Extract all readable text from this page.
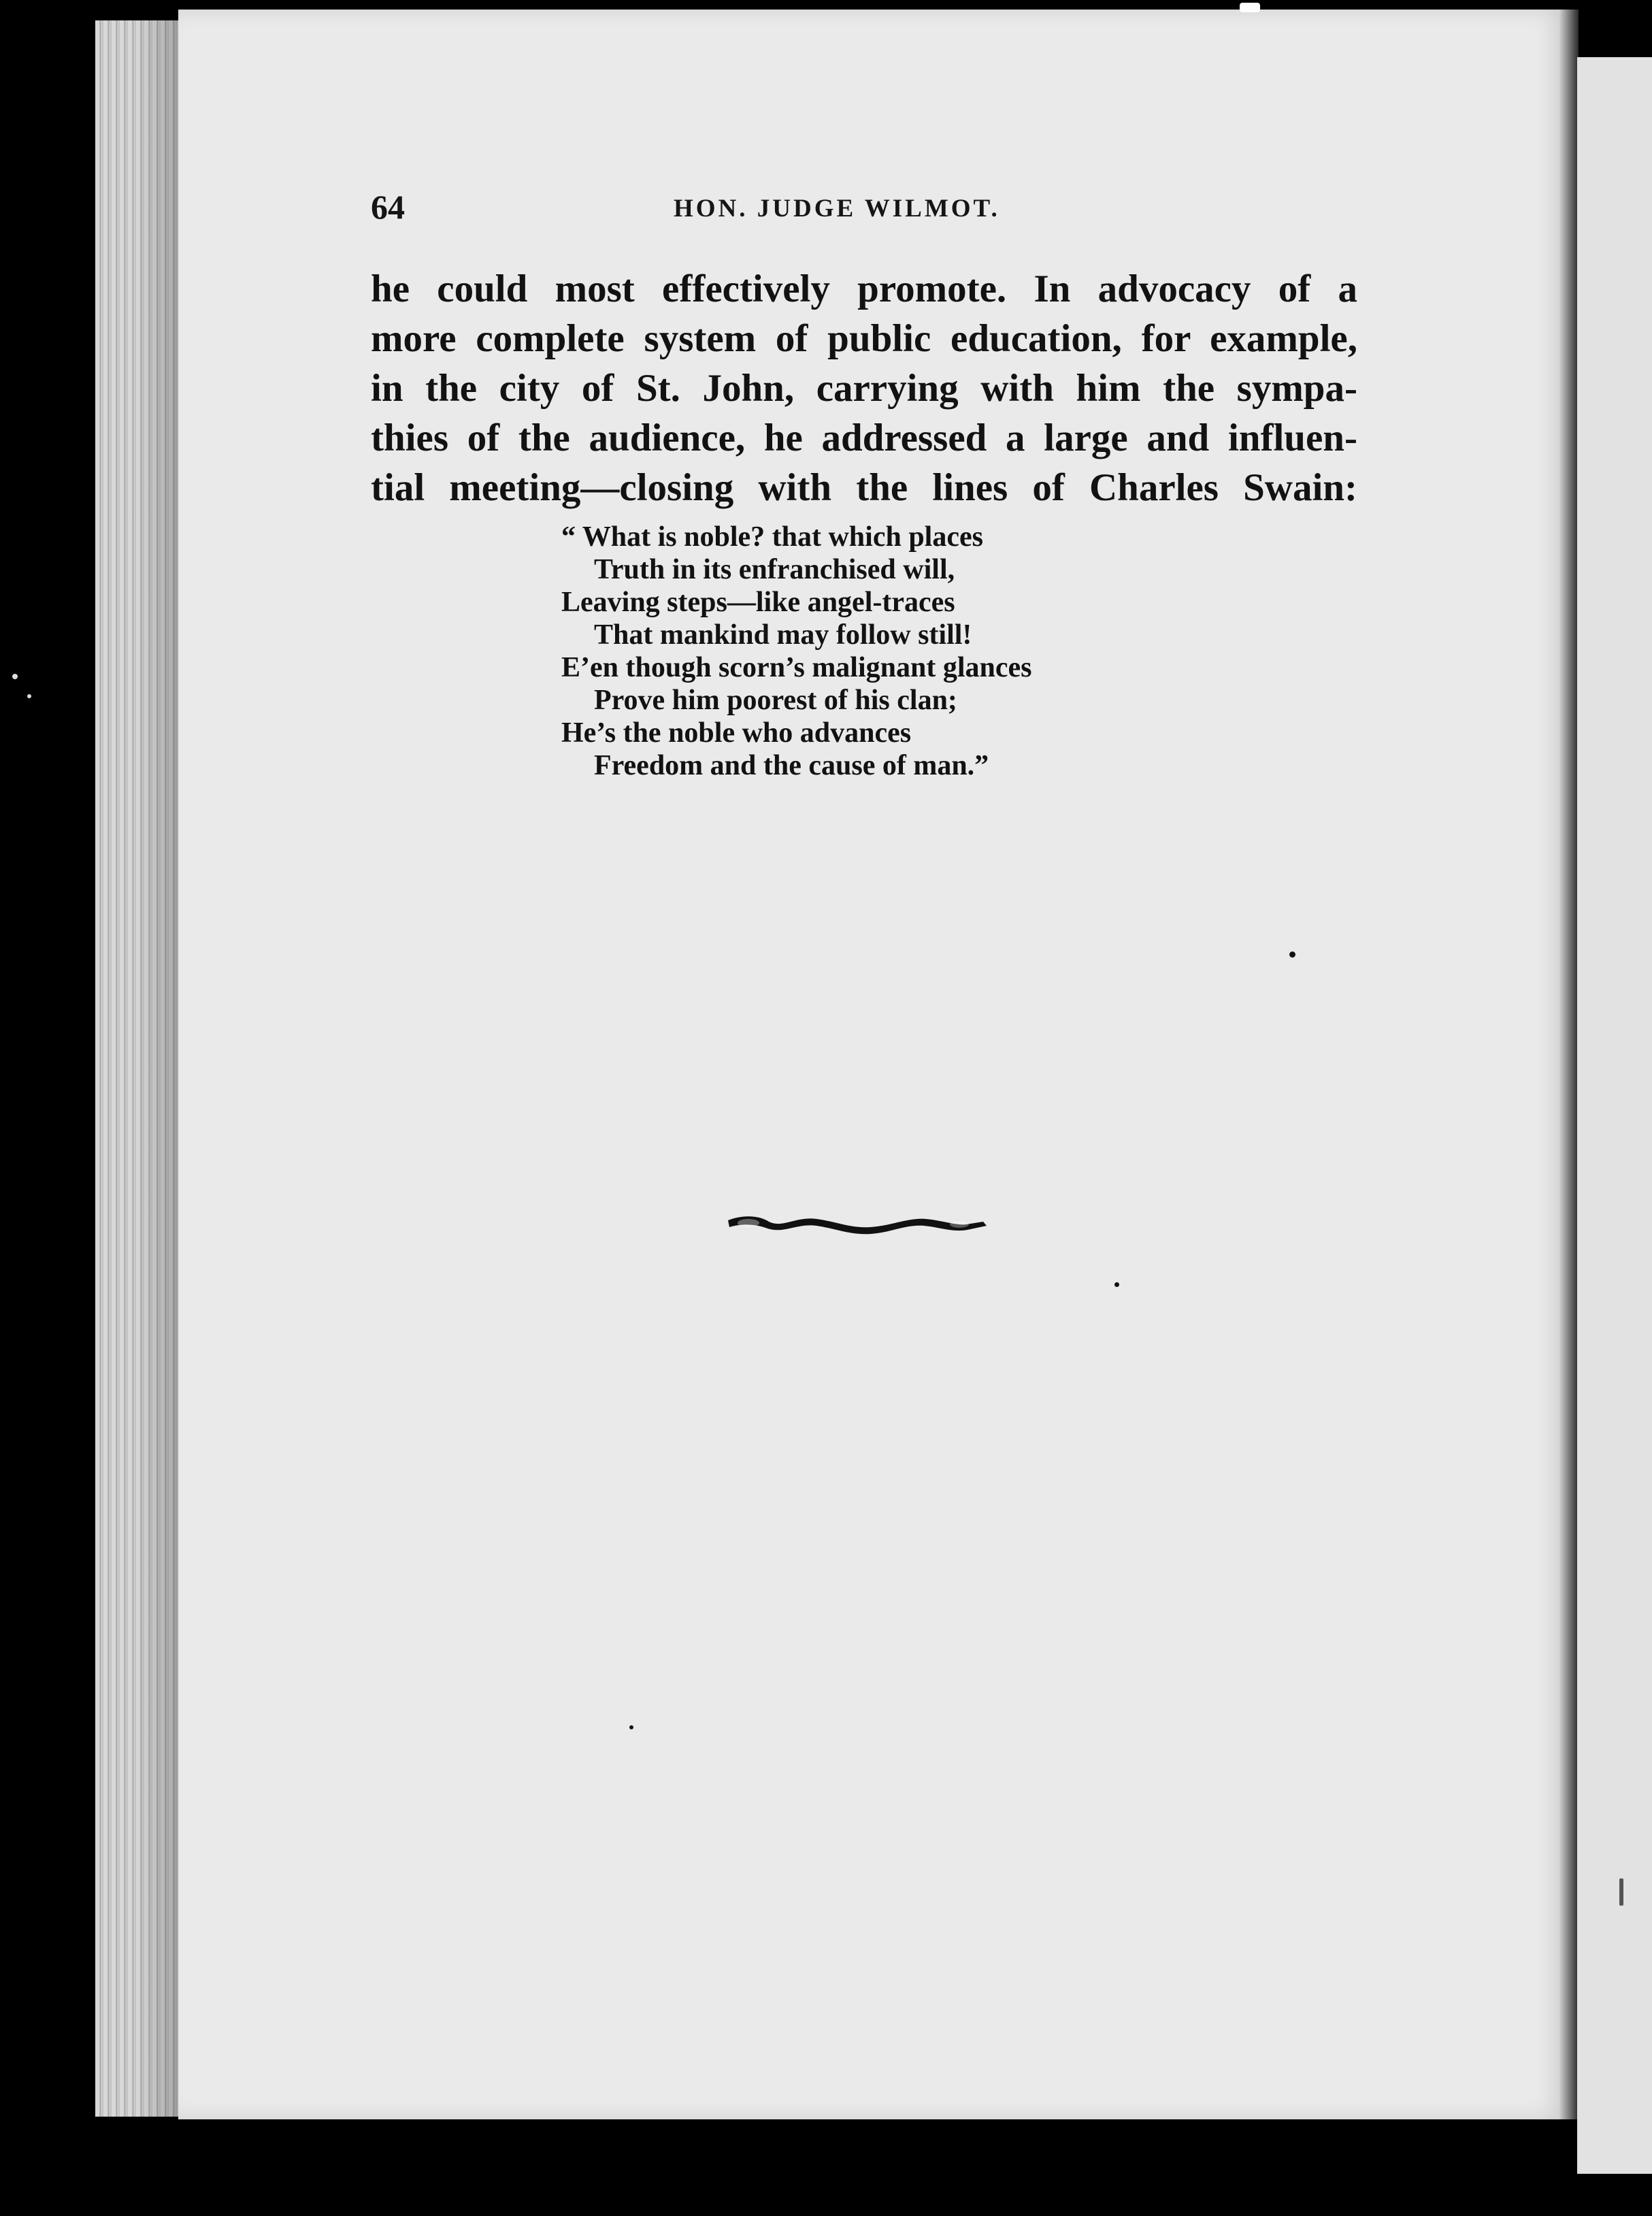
64	HON. JUDGE WILMOT.
he could most effectively promote. In advocacy of a
more complete system of public education, for example,
in the city of St. John, carrying with him the sympa-
thies of the audience, he addressed a large and influen-
tial meeting—closing with the lines of Charles Swain:
“ What is noble? that which places
Truth in its enfranchised will,
Leaving steps—like angel-traces
That mankind may follow still!
E’en though scorn’s malignant glances
Prove him poorest of his clan;
He’s the noble who advances
Freedom and the cause of man.”
